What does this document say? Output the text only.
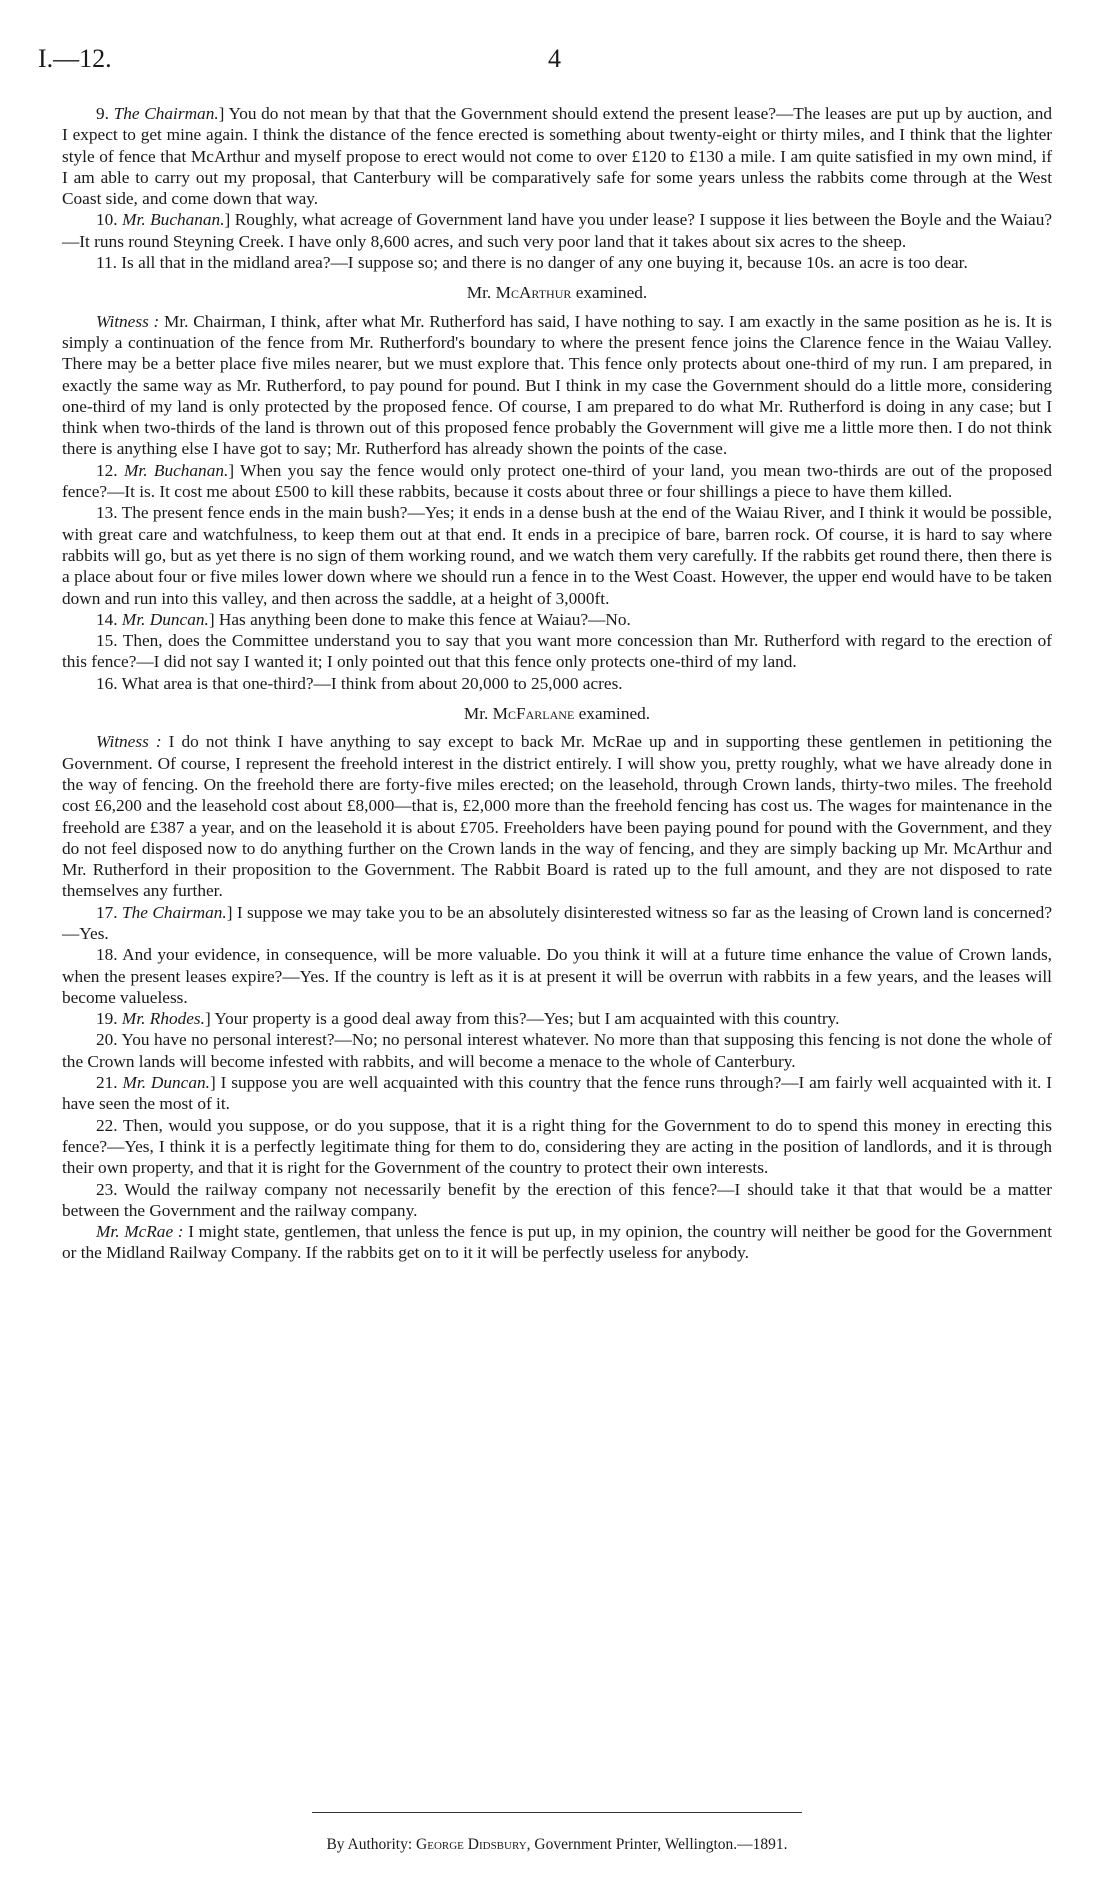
I.—12.	4

9. The Chairman.] You do not mean by that that the Government should extend the present lease?—The leases are put up by auction, and I expect to get mine again. I think the distance of the fence erected is something about twenty-eight or thirty miles, and I think that the lighter style of fence that McArthur and myself propose to erect would not come to over £120 to £130 a mile. I am quite satisfied in my own mind, if I am able to carry out my proposal, that Canterbury will be comparatively safe for some years unless the rabbits come through at the West Coast side, and come down that way.

10. Mr. Buchanan.] Roughly, what acreage of Government land have you under lease? I suppose it lies between the Boyle and the Waiau?—It runs round Steyning Creek. I have only 8,600 acres, and such very poor land that it takes about six acres to the sheep.

11. Is all that in the midland area?—I suppose so; and there is no danger of any one buying it, because 10s. an acre is too dear.

Mr. McArthur examined.

Witness : Mr. Chairman, I think, after what Mr. Rutherford has said, I have nothing to say. I am exactly in the same position as he is. It is simply a continuation of the fence from Mr. Rutherford's boundary to where the present fence joins the Clarence fence in the Waiau Valley. There may be a better place five miles nearer, but we must explore that. This fence only protects about one-third of my run. I am prepared, in exactly the same way as Mr. Rutherford, to pay pound for pound. But I think in my case the Government should do a little more, considering one-third of my land is only protected by the proposed fence. Of course, I am prepared to do what Mr. Rutherford is doing in any case; but I think when two-thirds of the land is thrown out of this proposed fence probably the Government will give me a little more then. I do not think there is anything else I have got to say; Mr. Rutherford has already shown the points of the case.

12. Mr. Buchanan.] When you say the fence would only protect one-third of your land, you mean two-thirds are out of the proposed fence?—It is. It cost me about £500 to kill these rabbits, because it costs about three or four shillings a piece to have them killed.

13. The present fence ends in the main bush?—Yes; it ends in a dense bush at the end of the Waiau River, and I think it would be possible, with great care and watchfulness, to keep them out at that end. It ends in a precipice of bare, barren rock. Of course, it is hard to say where rabbits will go, but as yet there is no sign of them working round, and we watch them very carefully. If the rabbits get round there, then there is a place about four or five miles lower down where we should run a fence in to the West Coast. However, the upper end would have to be taken down and run into this valley, and then across the saddle, at a height of 3,000ft.

14. Mr. Duncan.] Has anything been done to make this fence at Waiau?—No.

15. Then, does the Committee understand you to say that you want more concession than Mr. Rutherford with regard to the erection of this fence?—I did not say I wanted it; I only pointed out that this fence only protects one-third of my land.

16. What area is that one-third?—I think from about 20,000 to 25,000 acres.

Mr. McFarlane examined.

Witness : I do not think I have anything to say except to back Mr. McRae up and in supporting these gentlemen in petitioning the Government. Of course, I represent the freehold interest in the district entirely. I will show you, pretty roughly, what we have already done in the way of fencing. On the freehold there are forty-five miles erected; on the leasehold, through Crown lands, thirty-two miles. The freehold cost £6,200 and the leasehold cost about £8,000—that is, £2,000 more than the freehold fencing has cost us. The wages for maintenance in the freehold are £387 a year, and on the leasehold it is about £705. Freeholders have been paying pound for pound with the Government, and they do not feel disposed now to do anything further on the Crown lands in the way of fencing, and they are simply backing up Mr. McArthur and Mr. Rutherford in their proposition to the Government. The Rabbit Board is rated up to the full amount, and they are not disposed to rate themselves any further.

17. The Chairman.] I suppose we may take you to be an absolutely disinterested witness so far as the leasing of Crown land is concerned?—Yes.

18. And your evidence, in consequence, will be more valuable. Do you think it will at a future time enhance the value of Crown lands, when the present leases expire?—Yes. If the country is left as it is at present it will be overrun with rabbits in a few years, and the leases will become valueless.

19. Mr. Rhodes.] Your property is a good deal away from this?—Yes; but I am acquainted with this country.

20. You have no personal interest?—No; no personal interest whatever. No more than that supposing this fencing is not done the whole of the Crown lands will become infested with rabbits, and will become a menace to the whole of Canterbury.

21. Mr. Duncan.] I suppose you are well acquainted with this country that the fence runs through?—I am fairly well acquainted with it. I have seen the most of it.

22. Then, would you suppose, or do you suppose, that it is a right thing for the Government to do to spend this money in erecting this fence?—Yes, I think it is a perfectly legitimate thing for them to do, considering they are acting in the position of landlords, and it is through their own property, and that it is right for the Government of the country to protect their own interests.

23. Would the railway company not necessarily benefit by the erection of this fence?—I should take it that that would be a matter between the Government and the railway company.

Mr. McRae : I might state, gentlemen, that unless the fence is put up, in my opinion, the country will neither be good for the Government or the Midland Railway Company. If the rabbits get on to it it will be perfectly useless for anybody.

By Authority: George Didsbury, Government Printer, Wellington.—1891.
